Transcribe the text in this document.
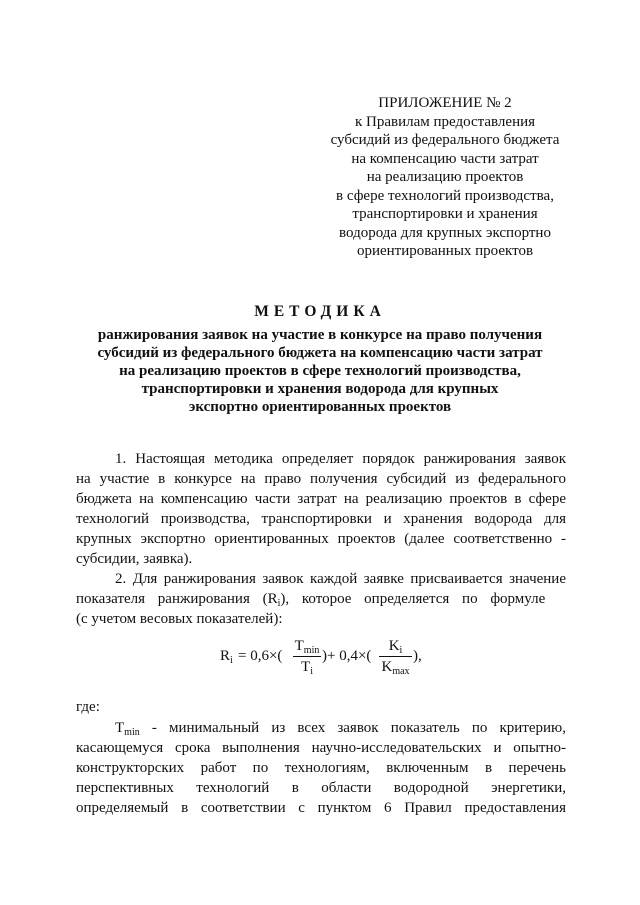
ПРИЛОЖЕНИЕ № 2
к Правилам предоставления
субсидий из федерального бюджета
на компенсацию части затрат
на реализацию проектов
в сфере технологий производства,
транспортировки и хранения
водорода для крупных экспортно
ориентированных проектов
МЕТОДИКА
ранжирования заявок на участие в конкурсе на право получения
субсидий из федерального бюджета на компенсацию части затрат
на реализацию проектов в сфере технологий производства,
транспортировки и хранения водорода для крупных
экспортно ориентированных проектов
1. Настоящая методика определяет порядок ранжирования заявок
на участие в конкурсе на право получения субсидий из федерального
бюджета на компенсацию части затрат на реализацию проектов в сфере
технологий производства, транспортировки и хранения водорода для
крупных экспортно ориентированных проектов (далее соответственно -
субсидии, заявка).
2. Для ранжирования заявок каждой заявке присваивается значение
показателя ранжирования $(R_i)$, которое определяется по формуле
(с учетом весовых показателей):
$R_i = 0,6\times$(
$T_{min}$
$T_i$
)+ 0,4×(
$K_i$
$K_{max}$
),
где:
$T_{min}$ - минимальный из всех заявок показатель по критерию,
касающемуся срока выполнения научно-исследовательских и опытно-
конструкторских работ по технологиям, включенным в перечень
перспективных технологий в области водородной энергетики,
определяемый в соответствии с пунктом 6 Правил предоставления
